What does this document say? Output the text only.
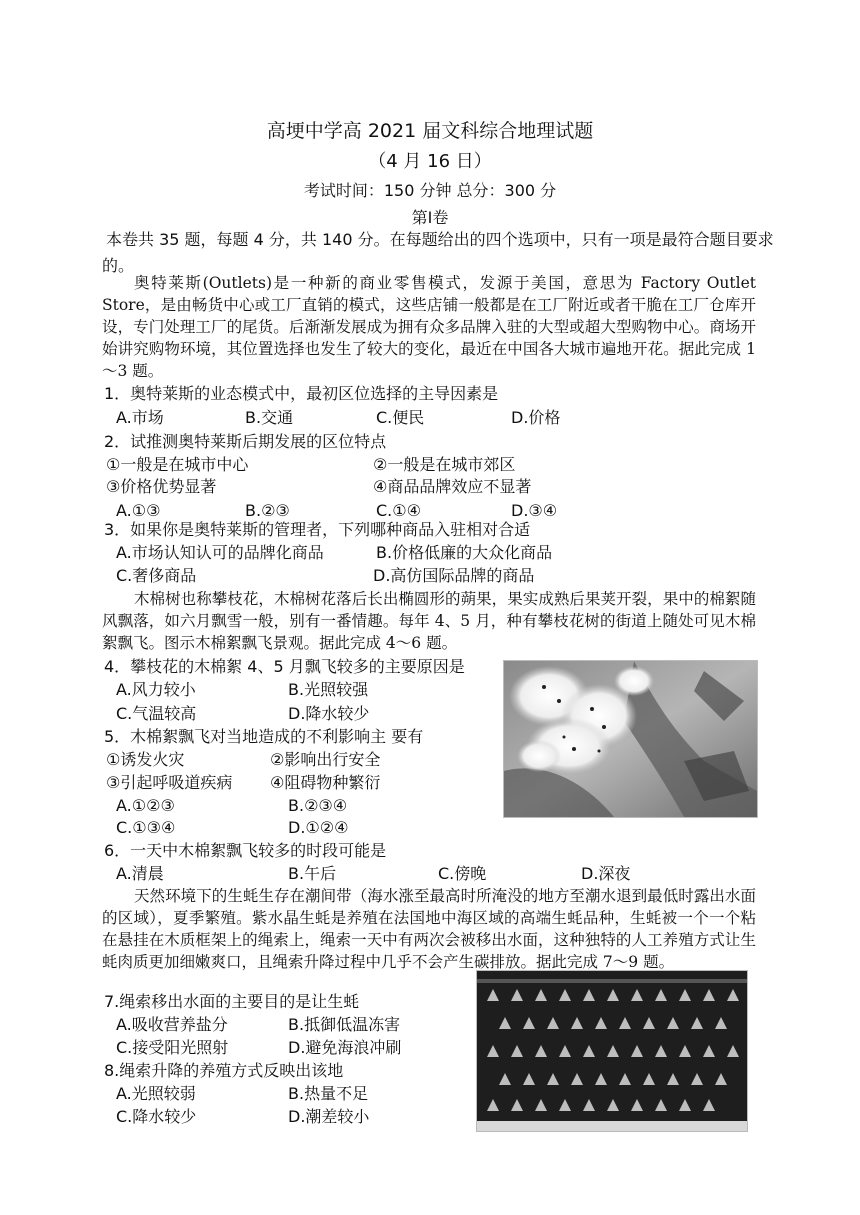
高埂中学高 2021 届文科综合地理试题
（4 月 16 日）
考试时间：150 分钟 总分：300 分
第Ⅰ卷
本卷共 35 题，每题 4 分，共 140 分。在每题给出的四个选项中，只有一项是最符合题目要求的。
奥特莱斯(Outlets)是一种新的商业零售模式，发源于美国，意思为 Factory Outlet Store，是由畅货中心或工厂直销的模式，这些店铺一般都是在工厂附近或者干脆在工厂仓库开设，专门处理工厂的尾货。后渐渐发展成为拥有众多品牌入驻的大型或超大型购物中心。商场开始讲究购物环境，其位置选择也发生了较大的变化，最近在中国各大城市遍地开花。据此完成 1～3 题。
1．奥特莱斯的业态模式中，最初区位选择的主导因素是
A.市场	B.交通	C.便民	D.价格
2．试推测奥特莱斯后期发展的区位特点
①一般是在城市中心	②一般是在城市郊区
③价格优势显著	④商品品牌效应不显著
A.①③	B.②③	C.①④	D.③④
3．如果你是奥特莱斯的管理者，下列哪种商品入驻相对合适
A.市场认知认可的品牌化商品	B.价格低廉的大众化商品
C.奢侈商品	D.高仿国际品牌的商品
木棉树也称攀枝花，木棉树花落后长出椭圆形的蒴果，果实成熟后果荚开裂，果中的棉絮随风飘落，如六月飘雪一般，别有一番情趣。每年 4、5 月，种有攀枝花树的街道上随处可见木棉絮飘飞。图示木棉絮飘飞景观。据此完成 4～6 题。
4．攀枝花的木棉絮 4、5 月飘飞较多的主要原因是
A.风力较小	B.光照较强
C.气温较高	D.降水较少
5．木棉絮飘飞对当地造成的不利影响主 要有
①诱发火灾	②影响出行安全
③引起呼吸道疾病 ④阻碍物种繁衍
A.①②③	B.②③④
C.①③④	D.①②④
6．一天中木棉絮飘飞较多的时段可能是
A.清晨	B.午后	C.傍晚	D.深夜
天然环境下的生蚝生存在潮间带（海水涨至最高时所淹没的地方至潮水退到最低时露出水面的区域），夏季繁殖。紫水晶生蚝是养殖在法国地中海区域的高端生蚝品种，生蚝被一个一个粘在悬挂在木质框架上的绳索上，绳索一天中有两次会被移出水面，这种独特的人工养殖方式让生蚝肉质更加细嫩爽口，且绳索升降过程中几乎不会产生碳排放。据此完成 7～9 题。
7.绳索移出水面的主要目的是让生蚝
A.吸收营养盐分	B.抵御低温冻害
C.接受阳光照射	D.避免海浪冲刷
8.绳索升降的养殖方式反映出该地
A.光照较弱	B.热量不足
C.降水较少	D.潮差较小
